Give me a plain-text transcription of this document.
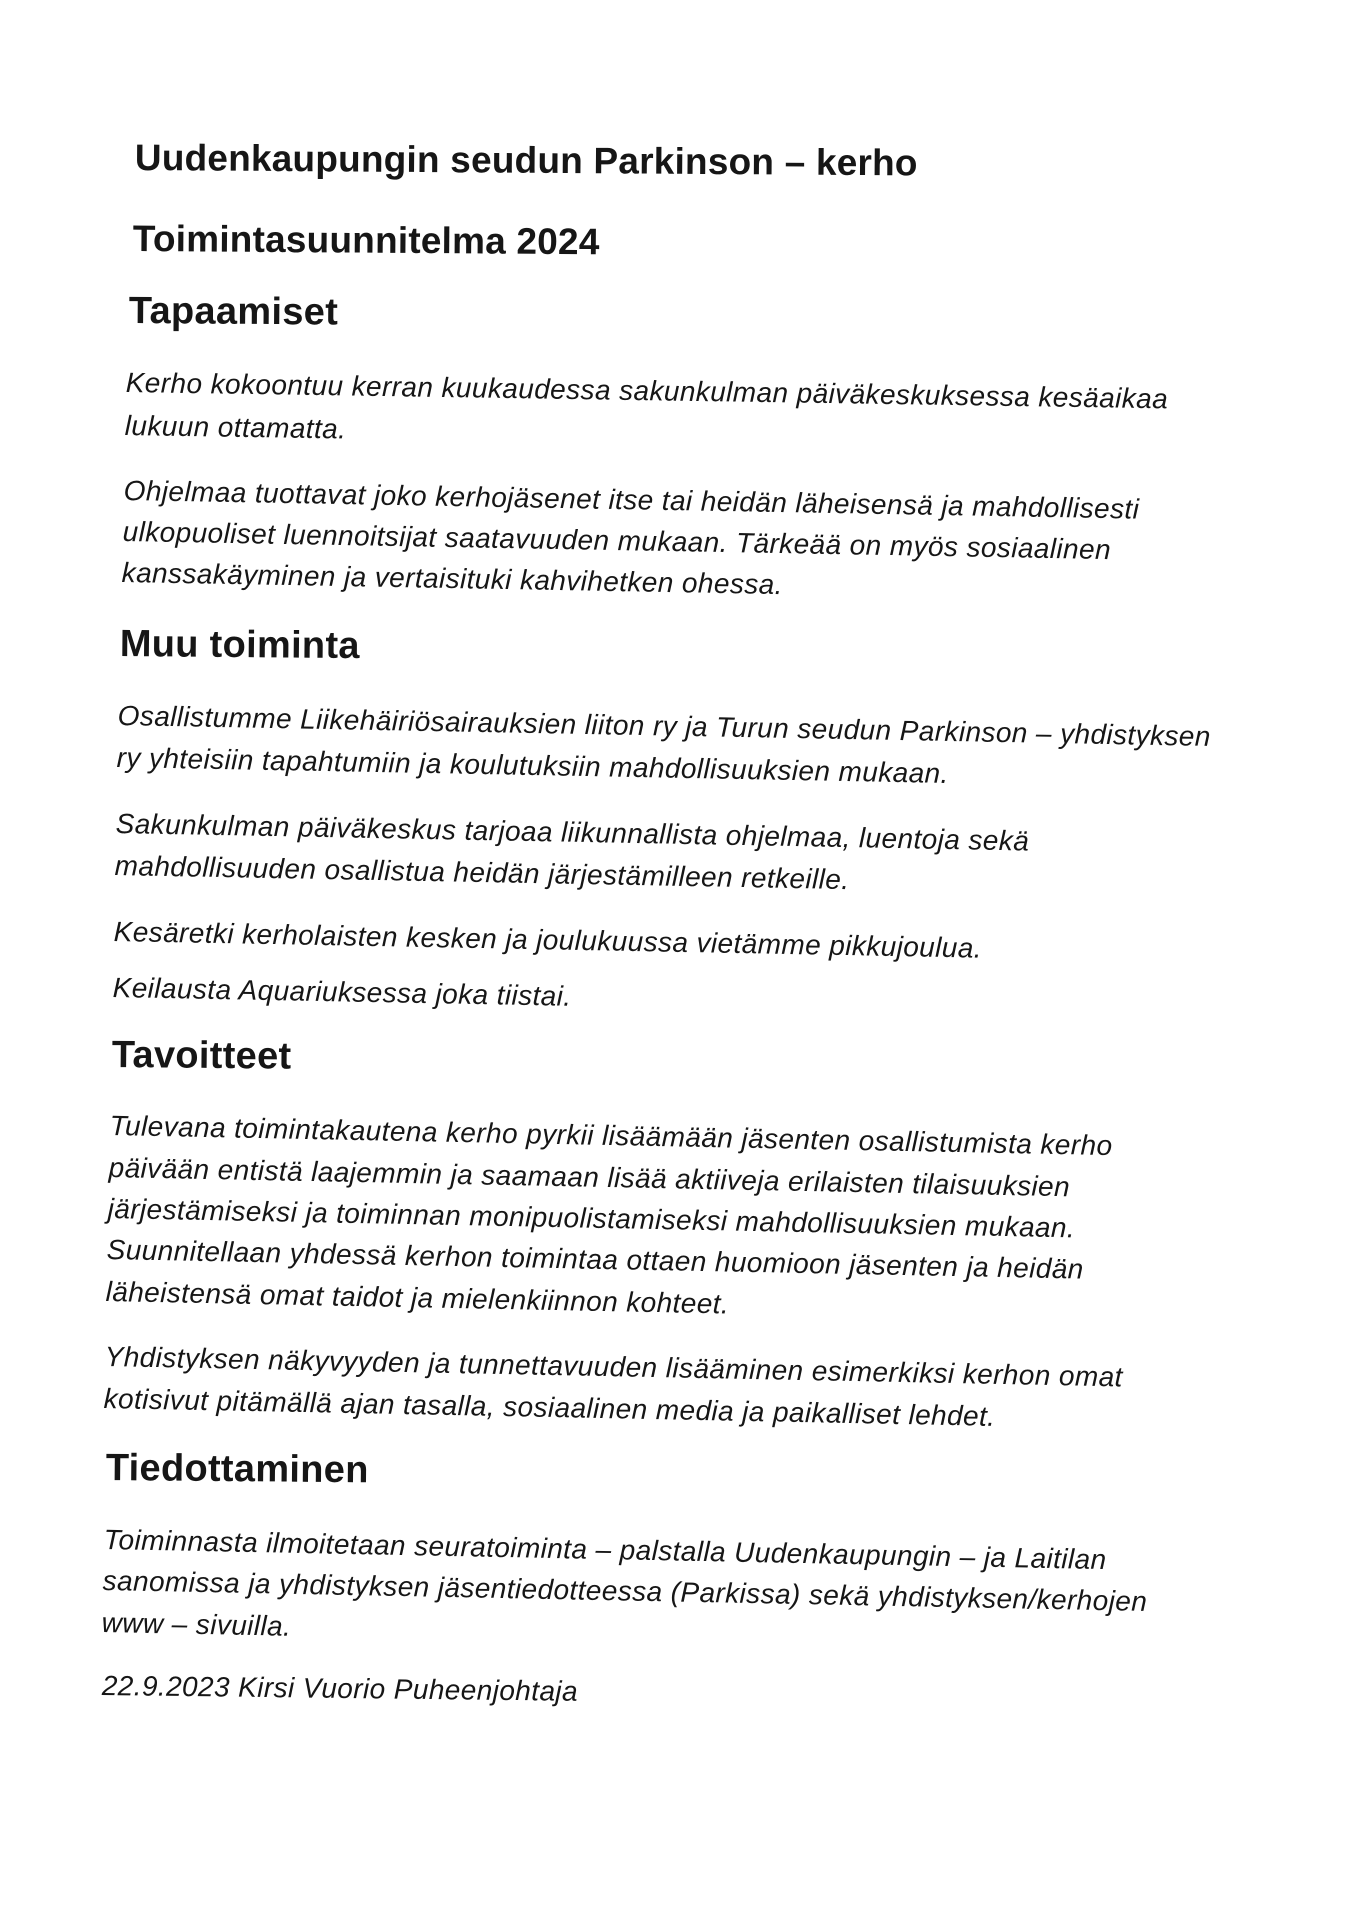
Uudenkaupungin seudun Parkinson – kerho
Toimintasuunnitelma 2024
Tapaamiset
Kerho kokoontuu kerran kuukaudessa sakunkulman päiväkeskuksessa kesäaikaa
lukuun ottamatta.
Ohjelmaa tuottavat joko kerhojäsenet itse tai heidän läheisensä ja mahdollisesti
ulkopuoliset luennoitsijat saatavuuden mukaan. Tärkeää on myös sosiaalinen
kanssakäyminen ja vertaisituki kahvihetken ohessa.
Muu toiminta
Osallistumme Liikehäiriösairauksien liiton ry ja Turun seudun Parkinson – yhdistyksen
ry yhteisiin tapahtumiin ja koulutuksiin mahdollisuuksien mukaan.
Sakunkulman päiväkeskus tarjoaa liikunnallista ohjelmaa, luentoja sekä
mahdollisuuden osallistua heidän järjestämilleen retkeille.
Kesäretki kerholaisten kesken ja joulukuussa vietämme pikkujoulua.
Keilausta Aquariuksessa joka tiistai.
Tavoitteet
Tulevana toimintakautena kerho pyrkii lisäämään jäsenten osallistumista kerho
päivään entistä laajemmin ja saamaan lisää aktiiveja erilaisten tilaisuuksien
järjestämiseksi ja toiminnan monipuolistamiseksi mahdollisuuksien mukaan.
Suunnitellaan yhdessä kerhon toimintaa ottaen huomioon jäsenten ja heidän
läheistensä omat taidot ja mielenkiinnon kohteet.
Yhdistyksen näkyvyyden ja tunnettavuuden lisääminen esimerkiksi kerhon omat
kotisivut pitämällä ajan tasalla, sosiaalinen media ja paikalliset lehdet.
Tiedottaminen
Toiminnasta ilmoitetaan seuratoiminta – palstalla Uudenkaupungin – ja Laitilan
sanomissa ja yhdistyksen jäsentiedotteessa (Parkissa) sekä yhdistyksen/kerhojen
www – sivuilla.
22.9.2023 Kirsi Vuorio Puheenjohtaja
